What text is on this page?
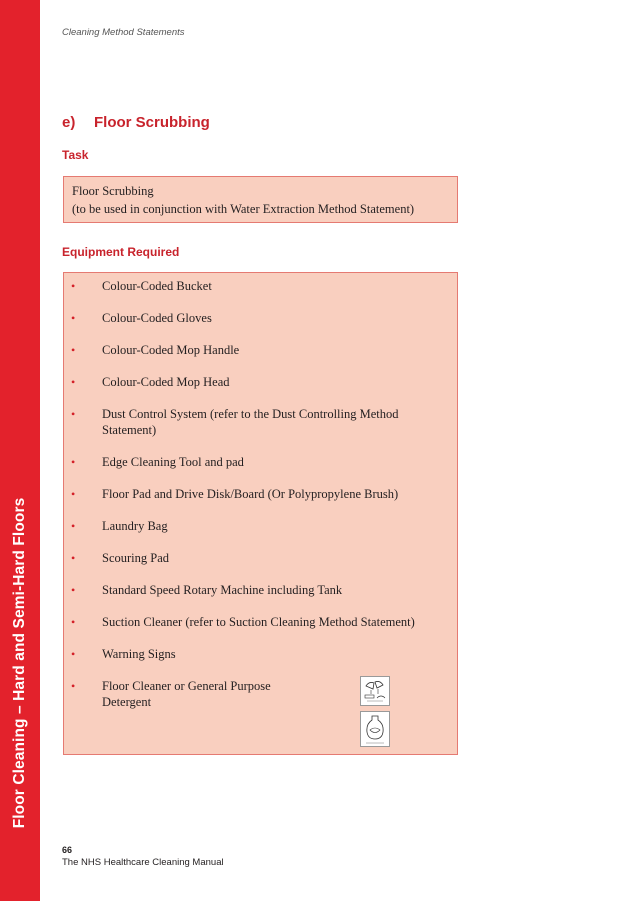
Floor Cleaning – Hard and Semi-Hard Floors
Cleaning Method Statements
e) Floor Scrubbing
Task
Floor Scrubbing
(to be used in conjunction with Water Extraction Method Statement)
Equipment Required
• Colour-Coded Bucket
• Colour-Coded Gloves
• Colour-Coded Mop Handle
• Colour-Coded Mop Head
• Dust Control System (refer to the Dust Controlling Method Statement)
• Edge Cleaning Tool and pad
• Floor Pad and Drive Disk/Board (Or Polypropylene Brush)
• Laundry Bag
• Scouring Pad
• Standard Speed Rotary Machine including Tank
• Suction Cleaner (refer to Suction Cleaning Method Statement)
• Warning Signs
• Floor Cleaner or General Purpose Detergent
66
The NHS Healthcare Cleaning Manual
